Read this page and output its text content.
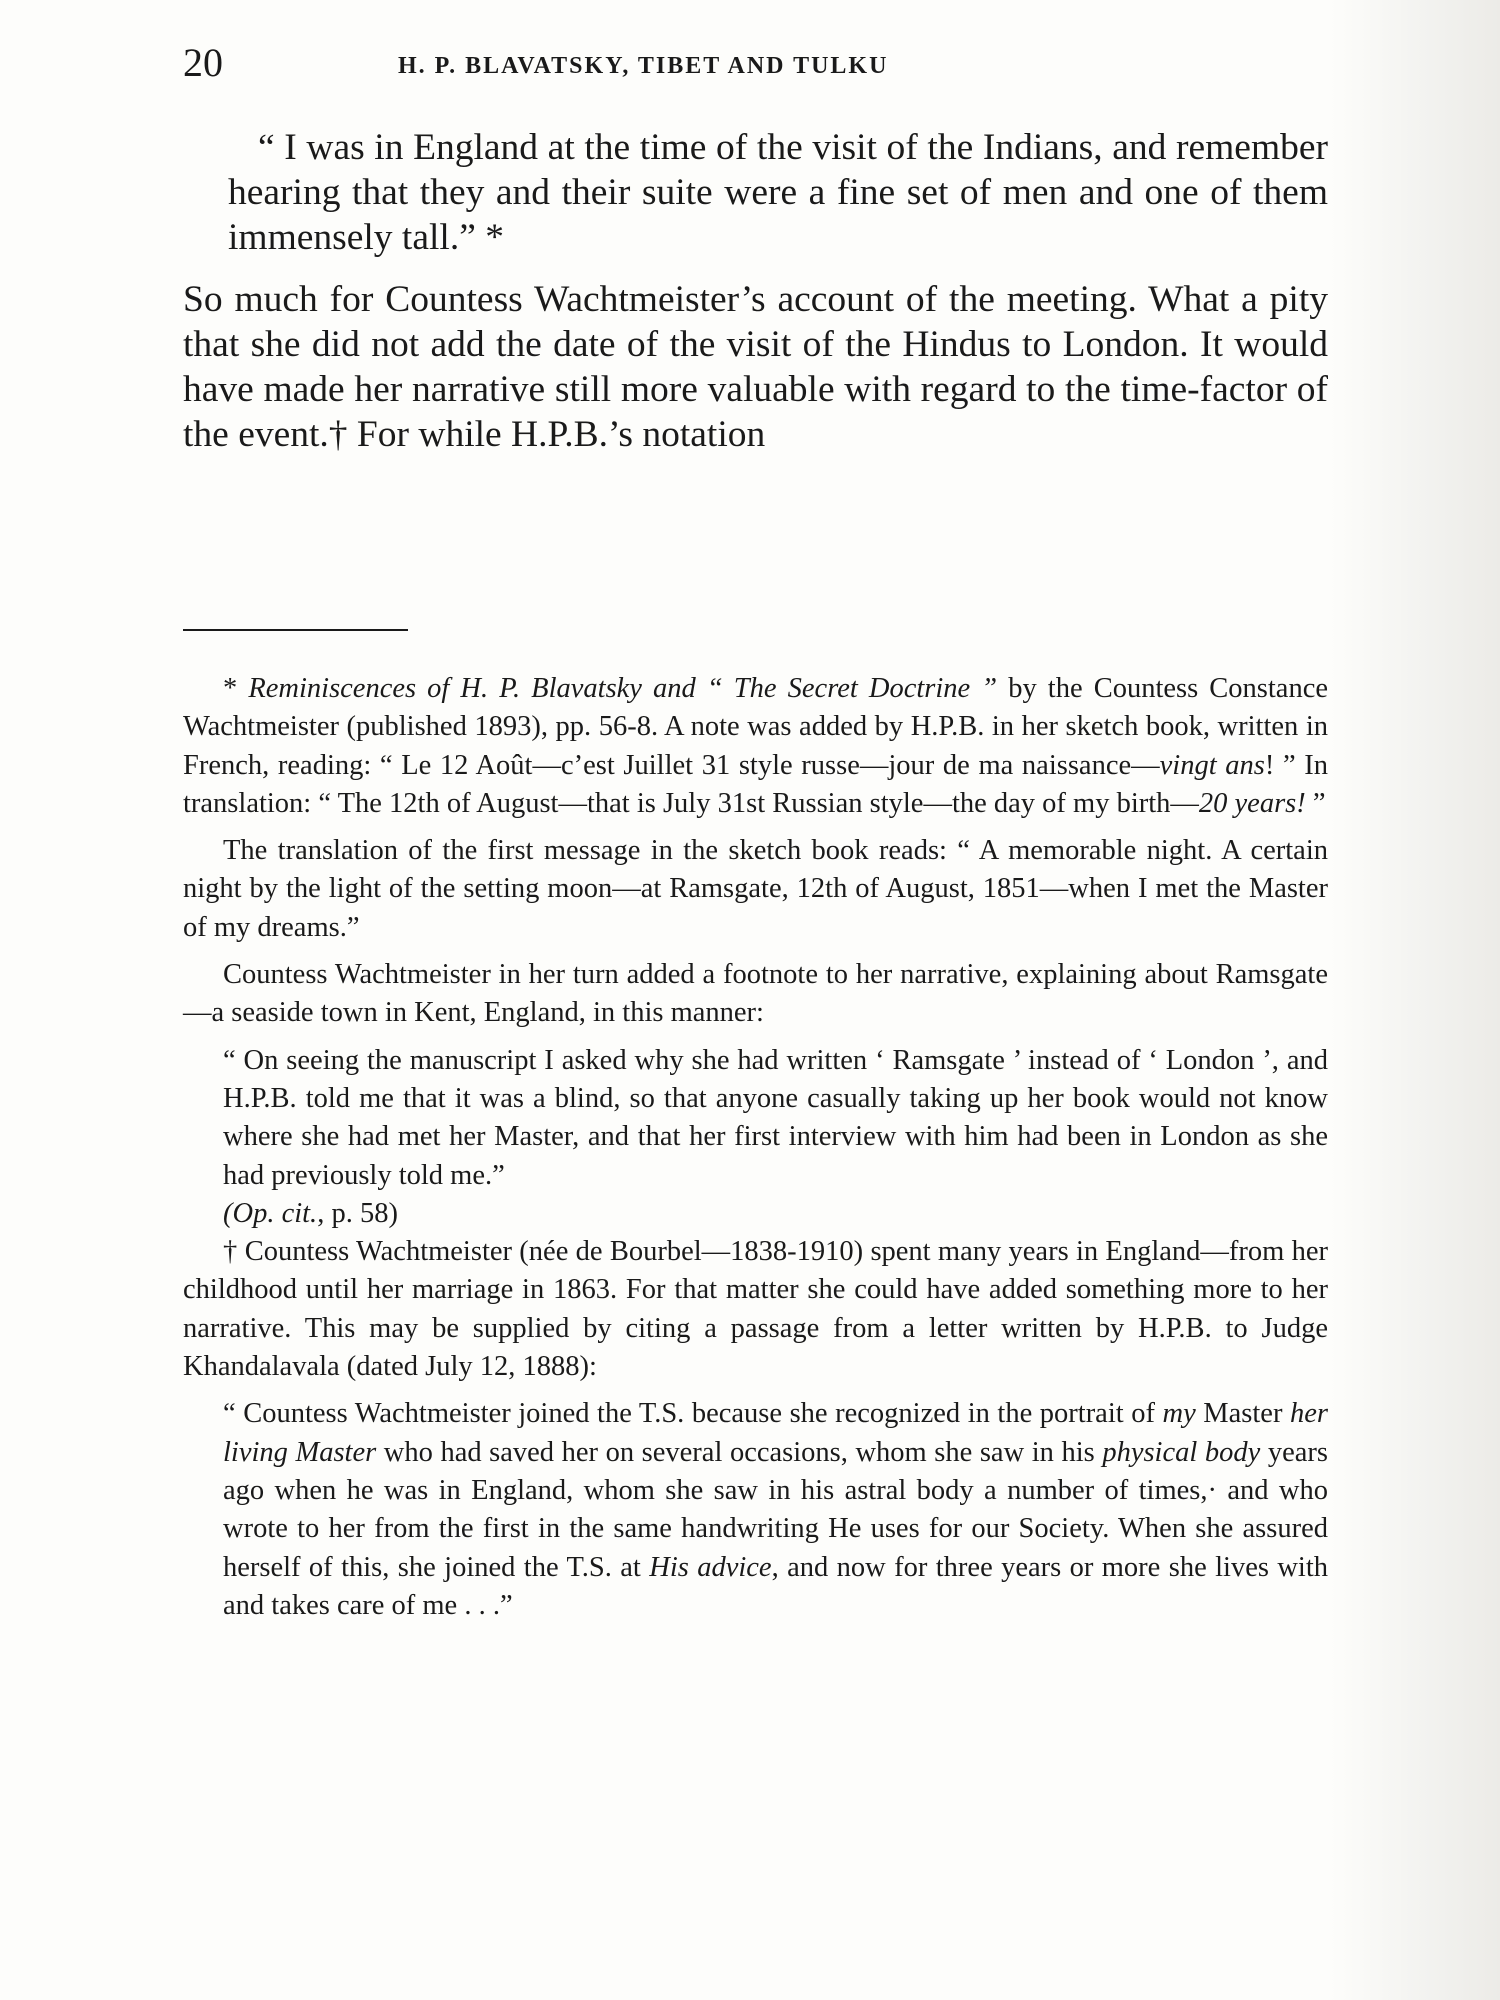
20	H. P. BLAVATSKY, TIBET AND TULKU

“ I was in England at the time of the visit of the Indians, and remember hearing that they and their suite were a fine set of men and one of them immensely tall.” *

So much for Countess Wachtmeister’s account of the meeting. What a pity that she did not add the date of the visit of the Hindus to London. It would have made her narrative still more valuable with regard to the time-factor of the event.† For while H.P.B.’s notation

* Reminiscences of H. P. Blavatsky and “ The Secret Doctrine ” by the Countess Constance Wachtmeister (published 1893), pp. 56-8. A note was added by H.P.B. in her sketch book, written in French, reading: “ Le 12 Août—c’est Juillet 31 style russe—jour de ma naissance—vingt ans! ” In translation: “ The 12th of August—that is July 31st Russian style—the day of my birth—20 years! ”

The translation of the first message in the sketch book reads: “ A memorable night. A certain night by the light of the setting moon—at Ramsgate, 12th of August, 1851—when I met the Master of my dreams.”

Countess Wachtmeister in her turn added a footnote to her narrative, explaining about Ramsgate—a seaside town in Kent, England, in this manner:

“ On seeing the manuscript I asked why she had written ‘ Ramsgate ’ instead of ‘ London ’, and H.P.B. told me that it was a blind, so that anyone casually taking up her book would not know where she had met her Master, and that her first interview with him had been in London as she had previously told me.”
(Op. cit., p. 58)

† Countess Wachtmeister (née de Bourbel—1838-1910) spent many years in England—from her childhood until her marriage in 1863. For that matter she could have added something more to her narrative. This may be supplied by citing a passage from a letter written by H.P.B. to Judge Khandalavala (dated July 12, 1888):

“ Countess Wachtmeister joined the T.S. because she recognized in the portrait of my Master her living Master who had saved her on several occasions, whom she saw in his physical body years ago when he was in England, whom she saw in his astral body a number of times,· and who wrote to her from the first in the same handwriting He uses for our Society. When she assured herself of this, she joined the T.S. at His advice, and now for three years or more she lives with and takes care of me . . .”
